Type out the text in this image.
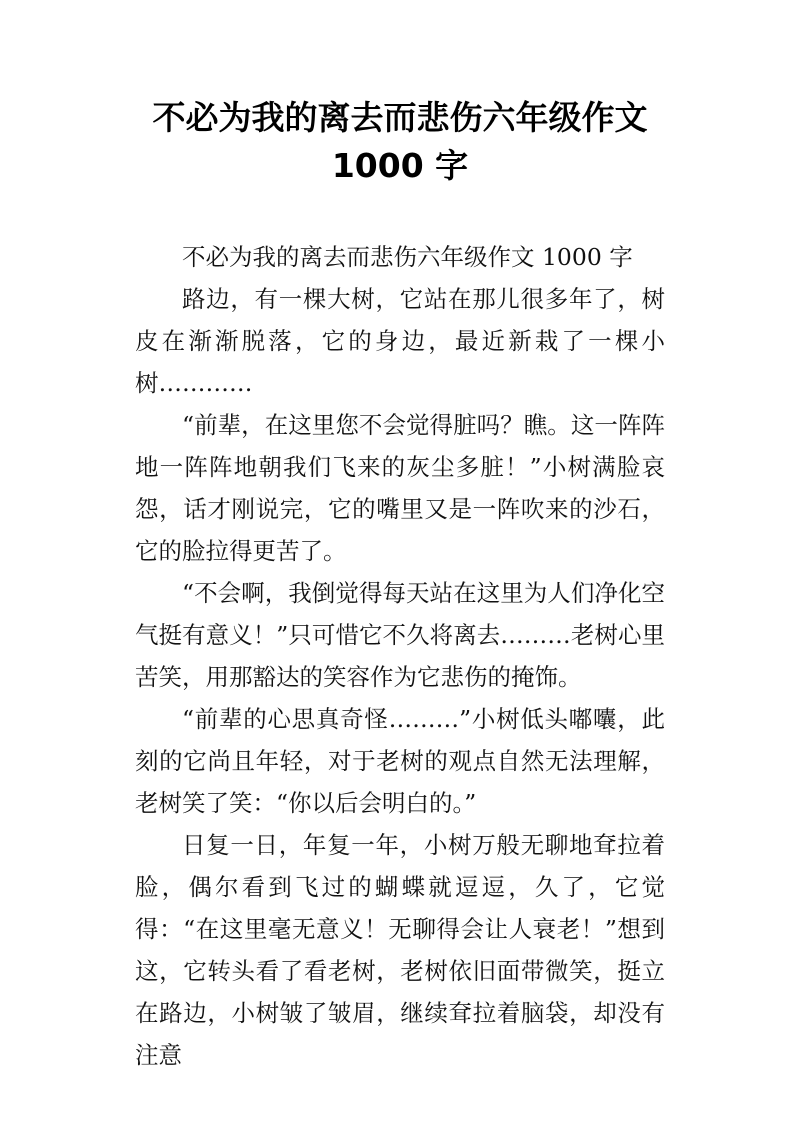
不必为我的离去而悲伤六年级作文
1000 字

不必为我的离去而悲伤六年级作文 1000 字

路边，有一棵大树，它站在那儿很多年了，树皮在渐渐脱落，它的身边，最近新栽了一棵小树…………

“前辈，在这里您不会觉得脏吗？瞧。这一阵阵地一阵阵地朝我们飞来的灰尘多脏！”小树满脸哀怨，话才刚说完，它的嘴里又是一阵吹来的沙石，它的脸拉得更苦了。

“不会啊，我倒觉得每天站在这里为人们净化空气挺有意义！”只可惜它不久将离去………老树心里苦笑，用那豁达的笑容作为它悲伤的掩饰。

“前辈的心思真奇怪………”小树低头嘟囔，此刻的它尚且年轻，对于老树的观点自然无法理解，老树笑了笑：“你以后会明白的。”

日复一日，年复一年，小树万般无聊地耷拉着脸，偶尔看到飞过的蝴蝶就逗逗，久了，它觉得：“在这里毫无意义！无聊得会让人衰老！”想到这，它转头看了看老树，老树依旧面带微笑，挺立在路边，小树皱了皱眉，继续耷拉着脑袋，却没有注意
